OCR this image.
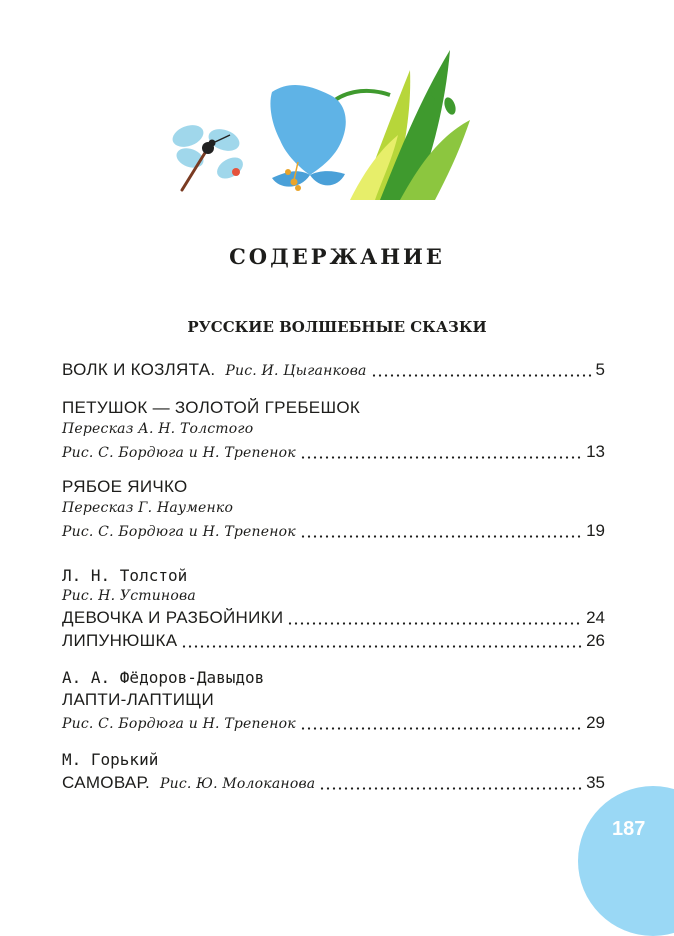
СОДЕРЖАНИЕ
РУССКИЕ ВОЛШЕБНЫЕ СКАЗКИ
ВОЛК И КОЗЛЯТА. Рис. И. Цыганкова	5
ПЕТУШОК — ЗОЛОТОЙ ГРЕБЕШОК
Пересказ А. Н. Толстого
Рис. С. Бордюга и Н. Трепенок	13
РЯБОЕ ЯИЧКО
Пересказ Г. Науменко
Рис. С. Бордюга и Н. Трепенок	19
Л. Н. Толстой
Рис. Н. Устинова
ДЕВОЧКА И РАЗБОЙНИКИ	24
ЛИПУНЮШКА	26
А. А. Фёдоров-Давыдов
ЛАПТИ-ЛАПТИЩИ
Рис. С. Бордюга и Н. Трепенок	29
М. Горький
САМОВАР. Рис. Ю. Молоканова	35
187
